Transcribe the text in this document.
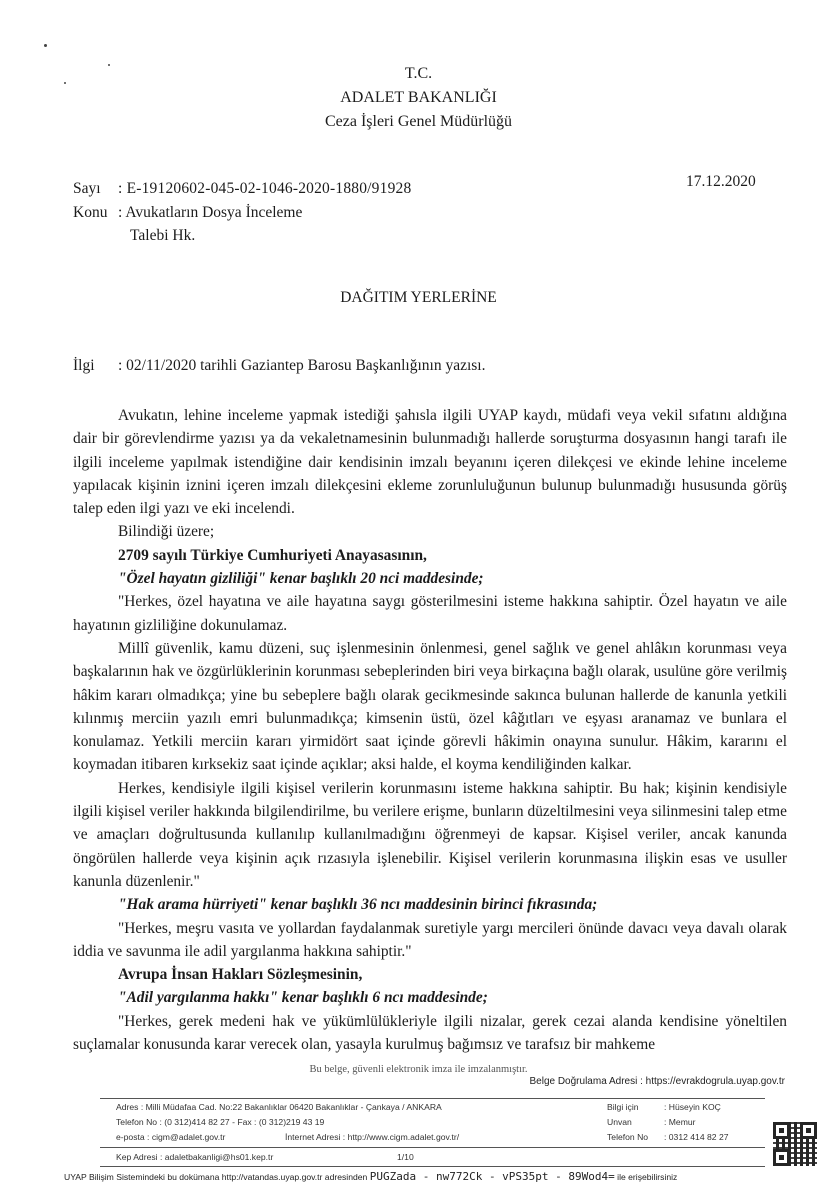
T.C.
ADALET BAKANLIĞI
Ceza İşleri Genel Müdürlüğü
Sayı : E-19120602-045-02-1046-2020-1880/91928	17.12.2020
Konu : Avukatların Dosya İnceleme
Talebi Hk.
DAĞITIM YERLERİNE
İlgi : 02/11/2020 tarihli Gaziantep Barosu Başkanlığının yazısı.

Avukatın, lehine inceleme yapmak istediği şahısla ilgili UYAP kaydı, müdafi veya vekil sıfatını aldığına dair bir görevlendirme yazısı ya da vekaletnamesinin bulunmadığı hallerde soruşturma dosyasının hangi tarafı ile ilgili inceleme yapılmak istendiğine dair kendisinin imzalı beyanını içeren dilekçesi ve ekinde lehine inceleme yapılacak kişinin iznini içeren imzalı dilekçesini ekleme zorunluluğunun bulunup bulunmadığı hususunda görüş talep eden ilgi yazı ve eki incelendi.

Bilindiği üzere;

2709 sayılı Türkiye Cumhuriyeti Anayasasının,

"Özel hayatın gizliliği" kenar başlıklı 20 nci maddesinde;

"Herkes, özel hayatına ve aile hayatına saygı gösterilmesini isteme hakkına sahiptir. Özel hayatın ve aile hayatının gizliliğine dokunulamaz.

Millî güvenlik, kamu düzeni, suç işlenmesinin önlenmesi, genel sağlık ve genel ahlâkın korunması veya başkalarının hak ve özgürlüklerinin korunması sebeplerinden biri veya birkaçına bağlı olarak, usulüne göre verilmiş hâkim kararı olmadıkça; yine bu sebeplere bağlı olarak gecikmesinde sakınca bulunan hallerde de kanunla yetkili kılınmış merciin yazılı emri bulunmadıkça; kimsenin üstü, özel kâğıtları ve eşyası aranamaz ve bunlara el konulamaz. Yetkili merciin kararı yirmidört saat içinde görevli hâkimin onayına sunulur. Hâkim, kararını el koymadan itibaren kırksekiz saat içinde açıklar; aksi halde, el koyma kendiliğinden kalkar.

Herkes, kendisiyle ilgili kişisel verilerin korunmasını isteme hakkına sahiptir. Bu hak; kişinin kendisiyle ilgili kişisel veriler hakkında bilgilendirilme, bu verilere erişme, bunların düzeltilmesini veya silinmesini talep etme ve amaçları doğrultusunda kullanılıp kullanılmadığını öğrenmeyi de kapsar. Kişisel veriler, ancak kanunda öngörülen hallerde veya kişinin açık rızasıyla işlenebilir. Kişisel verilerin korunmasına ilişkin esas ve usuller kanunla düzenlenir."

"Hak arama hürriyeti" kenar başlıklı 36 ncı maddesinin birinci fıkrasında;

"Herkes, meşru vasıta ve yollardan faydalanmak suretiyle yargı mercileri önünde davacı veya davalı olarak iddia ve savunma ile adil yargılanma hakkına sahiptir."

Avrupa İnsan Hakları Sözleşmesinin,

"Adil yargılanma hakkı" kenar başlıklı 6 ncı maddesinde;

"Herkes, gerek medeni hak ve yükümlülükleriyle ilgili nizalar, gerek cezai alanda kendisine yöneltilen suçlamalar konusunda karar verecek olan, yasayla kurulmuş bağımsız ve tarafsız bir mahkeme

Bu belge, güvenli elektronik imza ile imzalanmıştır.
Belge Doğrulama Adresi : https://evrakdogrula.uyap.gov.tr
Adres : Milli Müdafaa Cad. No:22 Bakanlıklar 06420 Bakanlıklar - Çankaya / ANKARA
Telefon No : (0 312)414 82 27 - Fax : (0 312)219 43 19
e-posta : cigm@adalet.gov.tr	İnternet Adresi : http://www.cigm.adalet.gov.tr/
Kep Adresi : adaletbakanligi@hs01.kep.tr	1/10
Bilgi için	: Hüseyin KOÇ
Unvan	: Memur
Telefon No : 0312 414 82 27
UYAP Bilişim Sistemindeki bu dokümana http://vatandas.uyap.gov.tr adresinden PUGZada - nw772Ck - vPS35pt - 89Wod4= ile erişebilirsiniz
